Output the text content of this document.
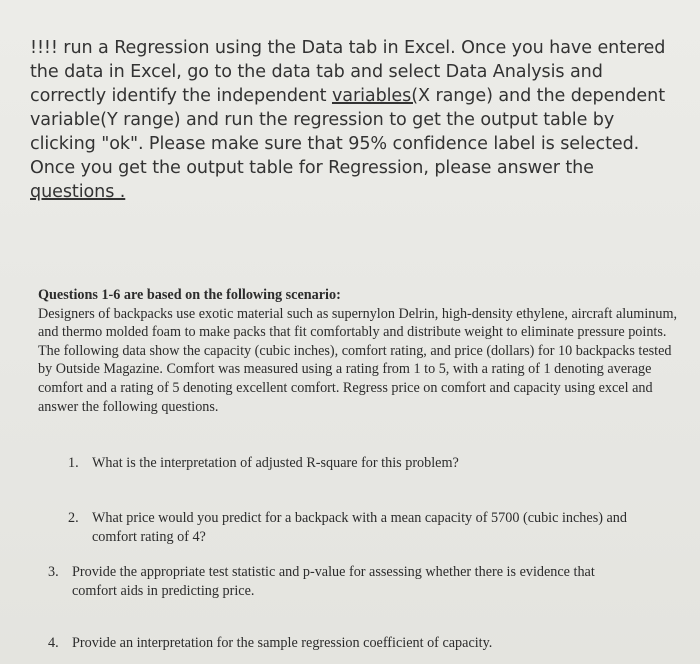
!!!! run a Regression using the Data tab in Excel. Once you have entered the data in Excel, go to the data tab and select Data Analysis and correctly identify the independent variables(X range) and the dependent variable(Y range) and run the regression to get the output table by clicking "ok". Please make sure that 95% confidence label is selected. Once you get the output table for Regression, please answer the questions .

Questions 1-6 are based on the following scenario:

Designers of backpacks use exotic material such as supernylon Delrin, high-density ethylene, aircraft aluminum, and thermo molded foam to make packs that fit comfortably and distribute weight to eliminate pressure points. The following data show the capacity (cubic inches), comfort rating, and price (dollars) for 10 backpacks tested by Outside Magazine. Comfort was measured using a rating from 1 to 5, with a rating of 1 denoting average comfort and a rating of 5 denoting excellent comfort. Regress price on comfort and capacity using excel and answer the following questions.

1. What is the interpretation of adjusted R-square for this problem?
2. What price would you predict for a backpack with a mean capacity of 5700 (cubic inches) and comfort rating of 4?
3. Provide the appropriate test statistic and p-value for assessing whether there is evidence that comfort aids in predicting price.
4. Provide an interpretation for the sample regression coefficient of capacity.
